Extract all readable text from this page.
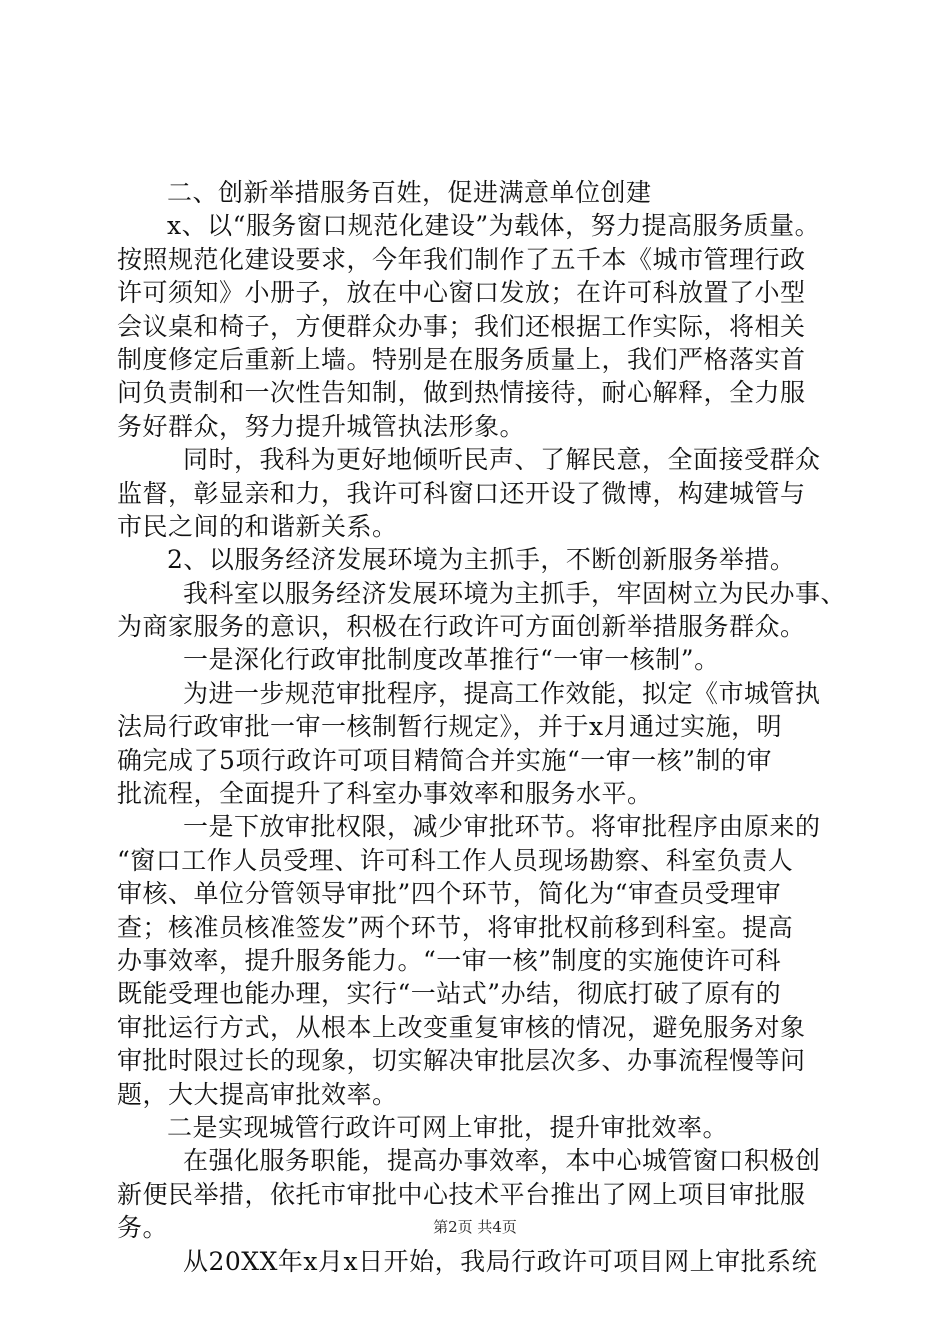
二、创新举措服务百姓，促进满意单位创建
x、以“服务窗口规范化建设”为载体，努力提高服务质量。
按照规范化建设要求，今年我们制作了五千本《城市管理行政
许可须知》小册子，放在中心窗口发放；在许可科放置了小型
会议桌和椅子，方便群众办事；我们还根据工作实际，将相关
制度修定后重新上墙。特别是在服务质量上，我们严格落实首
问负责制和一次性告知制，做到热情接待，耐心解释，全力服
务好群众，努力提升城管执法形象。
同时，我科为更好地倾听民声、了解民意，全面接受群众
监督，彰显亲和力，我许可科窗口还开设了微博，构建城管与
市民之间的和谐新关系。
2、以服务经济发展环境为主抓手，不断创新服务举措。
我科室以服务经济发展环境为主抓手，牢固树立为民办事、
为商家服务的意识，积极在行政许可方面创新举措服务群众。
一是深化行政审批制度改革推行“一审一核制”。
为进一步规范审批程序，提高工作效能，拟定《市城管执
法局行政审批一审一核制暂行规定》，并于x月通过实施，明
确完成了5项行政许可项目精简合并实施“一审一核”制的审
批流程，全面提升了科室办事效率和服务水平。
一是下放审批权限，减少审批环节。将审批程序由原来的
“窗口工作人员受理、许可科工作人员现场勘察、科室负责人
审核、单位分管领导审批”四个环节，简化为“审查员受理审
查；核准员核准签发”两个环节，将审批权前移到科室。提高
办事效率，提升服务能力。“一审一核”制度的实施使许可科
既能受理也能办理，实行“一站式”办结，彻底打破了原有的
审批运行方式，从根本上改变重复审核的情况，避免服务对象
审批时限过长的现象，切实解决审批层次多、办事流程慢等问
题，大大提高审批效率。
二是实现城管行政许可网上审批，提升审批效率。
在强化服务职能，提高办事效率，本中心城管窗口积极创
新便民举措，依托市审批中心技术平台推出了网上项目审批服
务。
从20XX年x月x日开始，我局行政许可项目网上审批系统
第2页 共4页
